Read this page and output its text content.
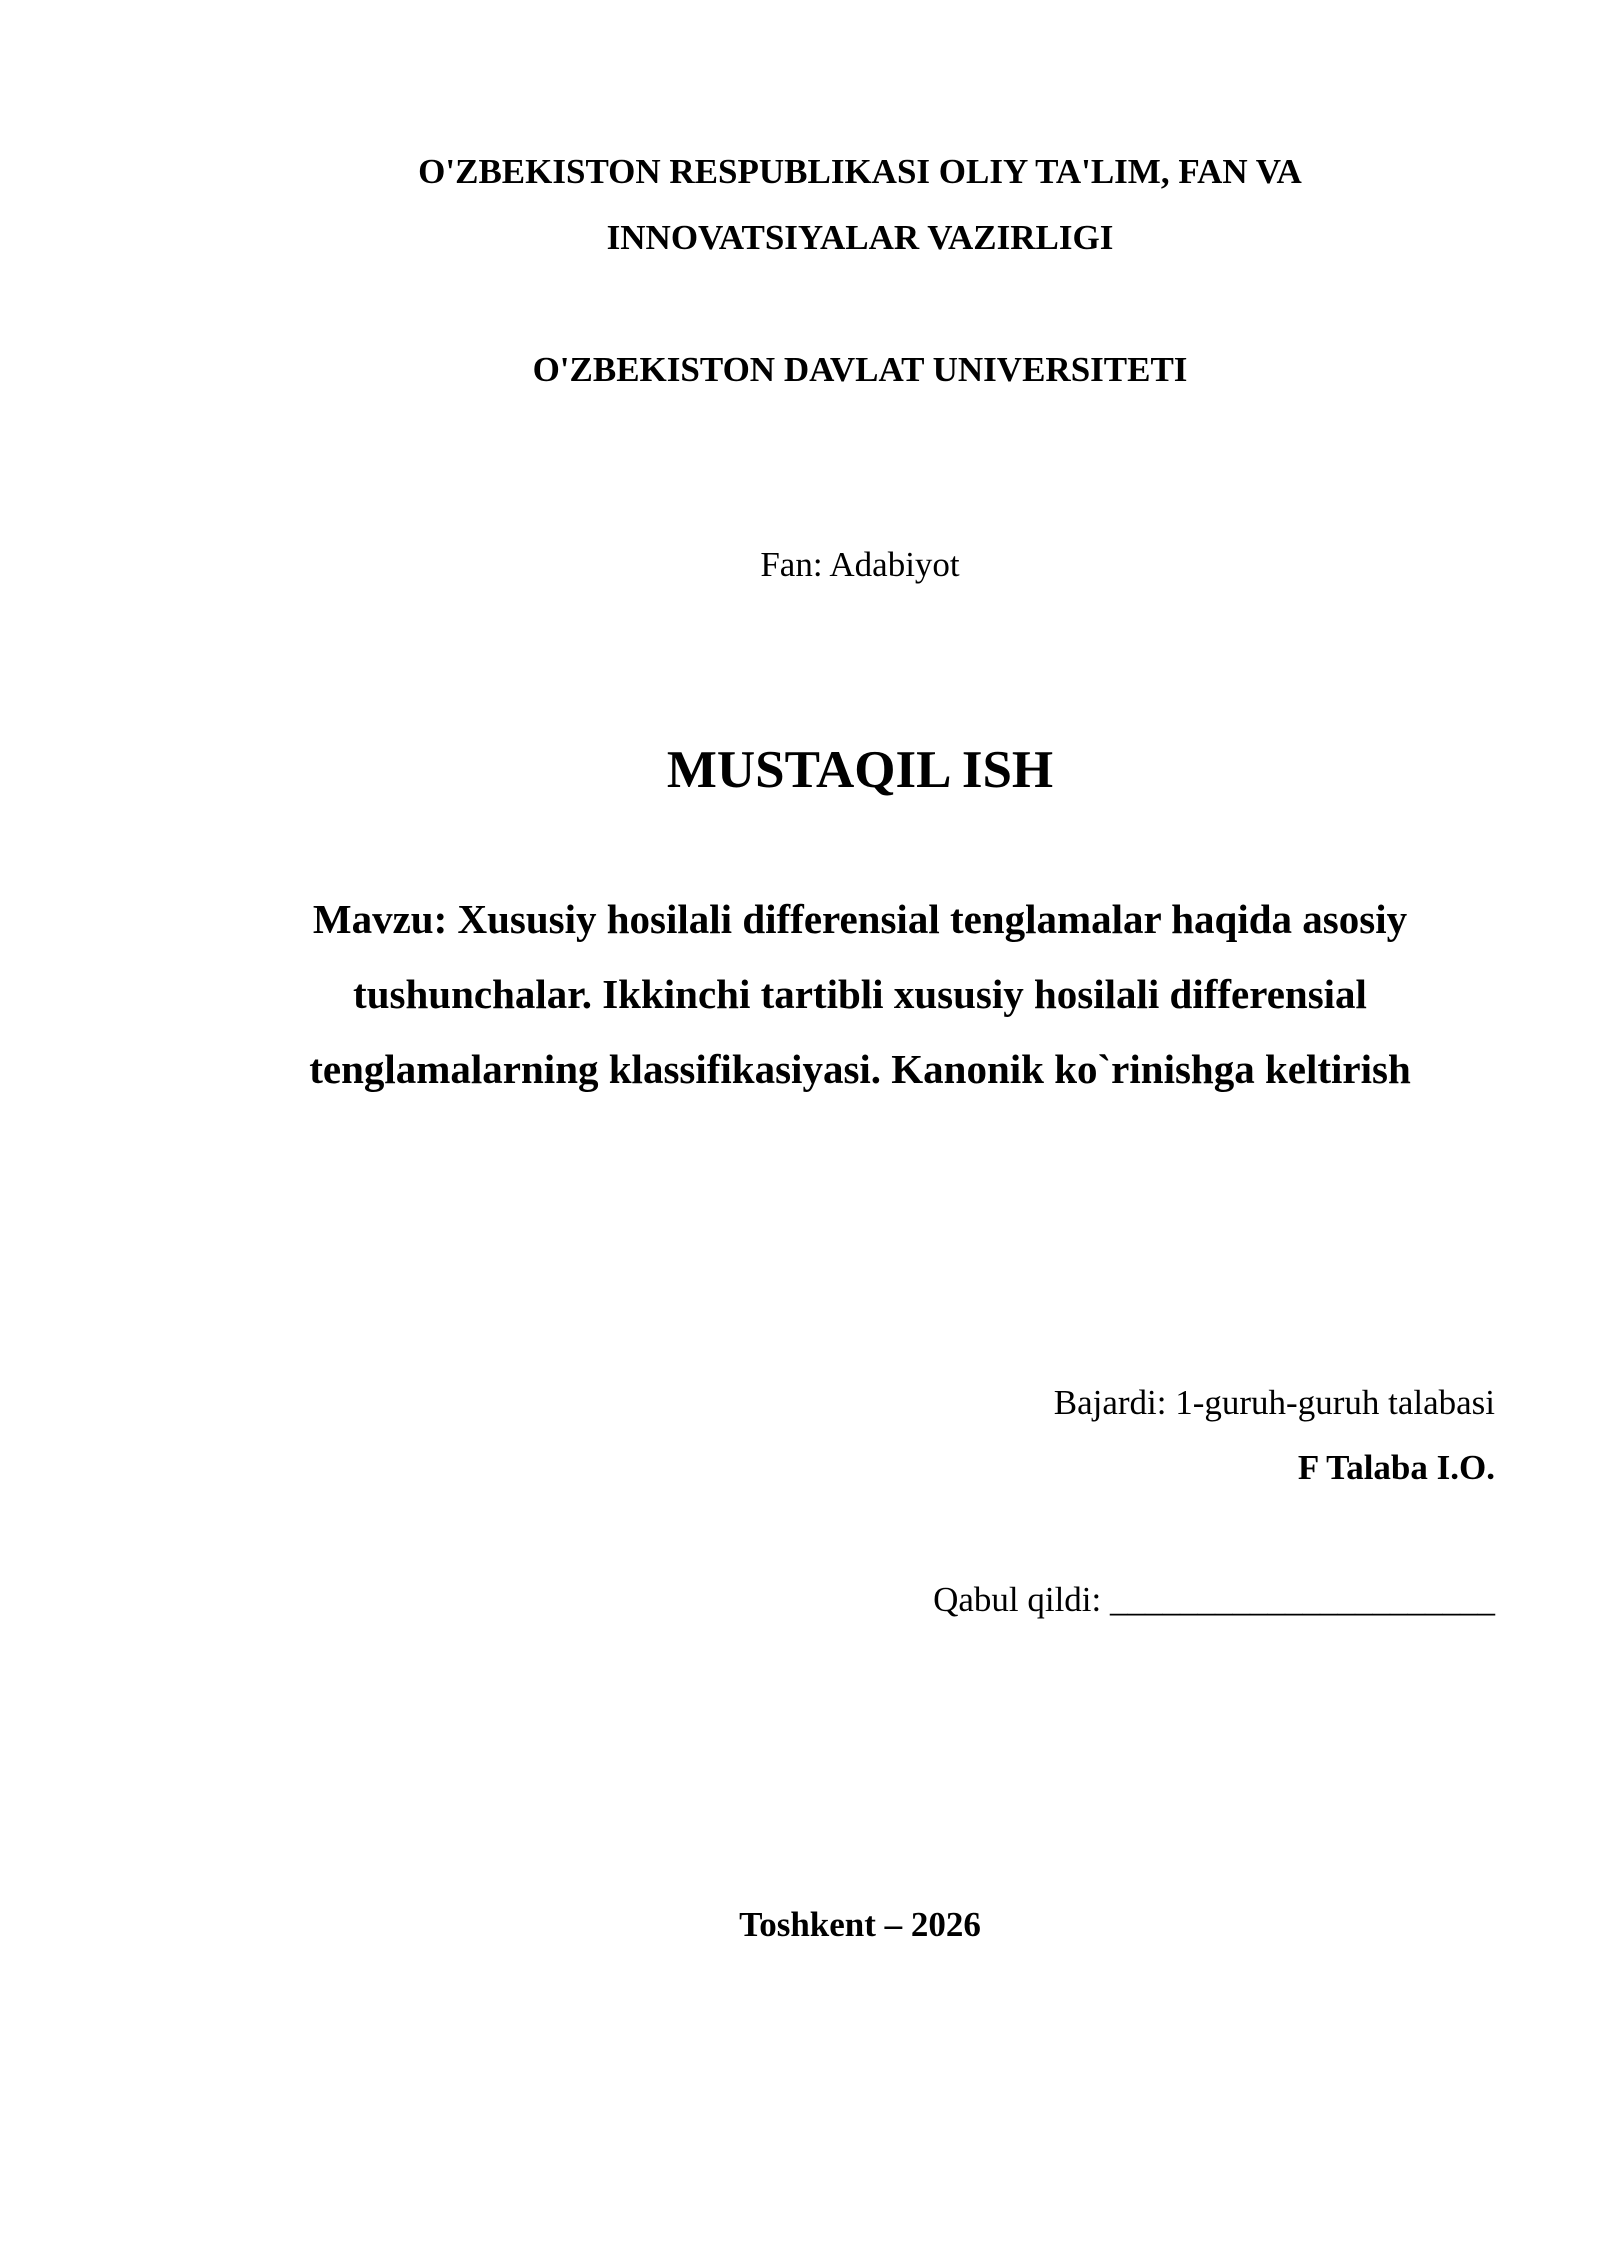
O'ZBEKISTON RESPUBLIKASI OLIY TA'LIM, FAN VA

INNOVATSIYALAR VAZIRLIGI

O'ZBEKISTON DAVLAT UNIVERSITETI

Fan: Adabiyot

MUSTAQIL ISH

Mavzu: Xususiy hosilali differensial tenglamalar haqida asosiy
tushunchalar. Ikkinchi tartibli xususiy hosilali differensial
tenglamalarning klassifikasiyasi. Kanonik ko`rinishga keltirish

Bajardi: 1-guruh-guruh talabasi

F Talaba I.O.

Qabul qildi: ______________________

Toshkent – 2026
